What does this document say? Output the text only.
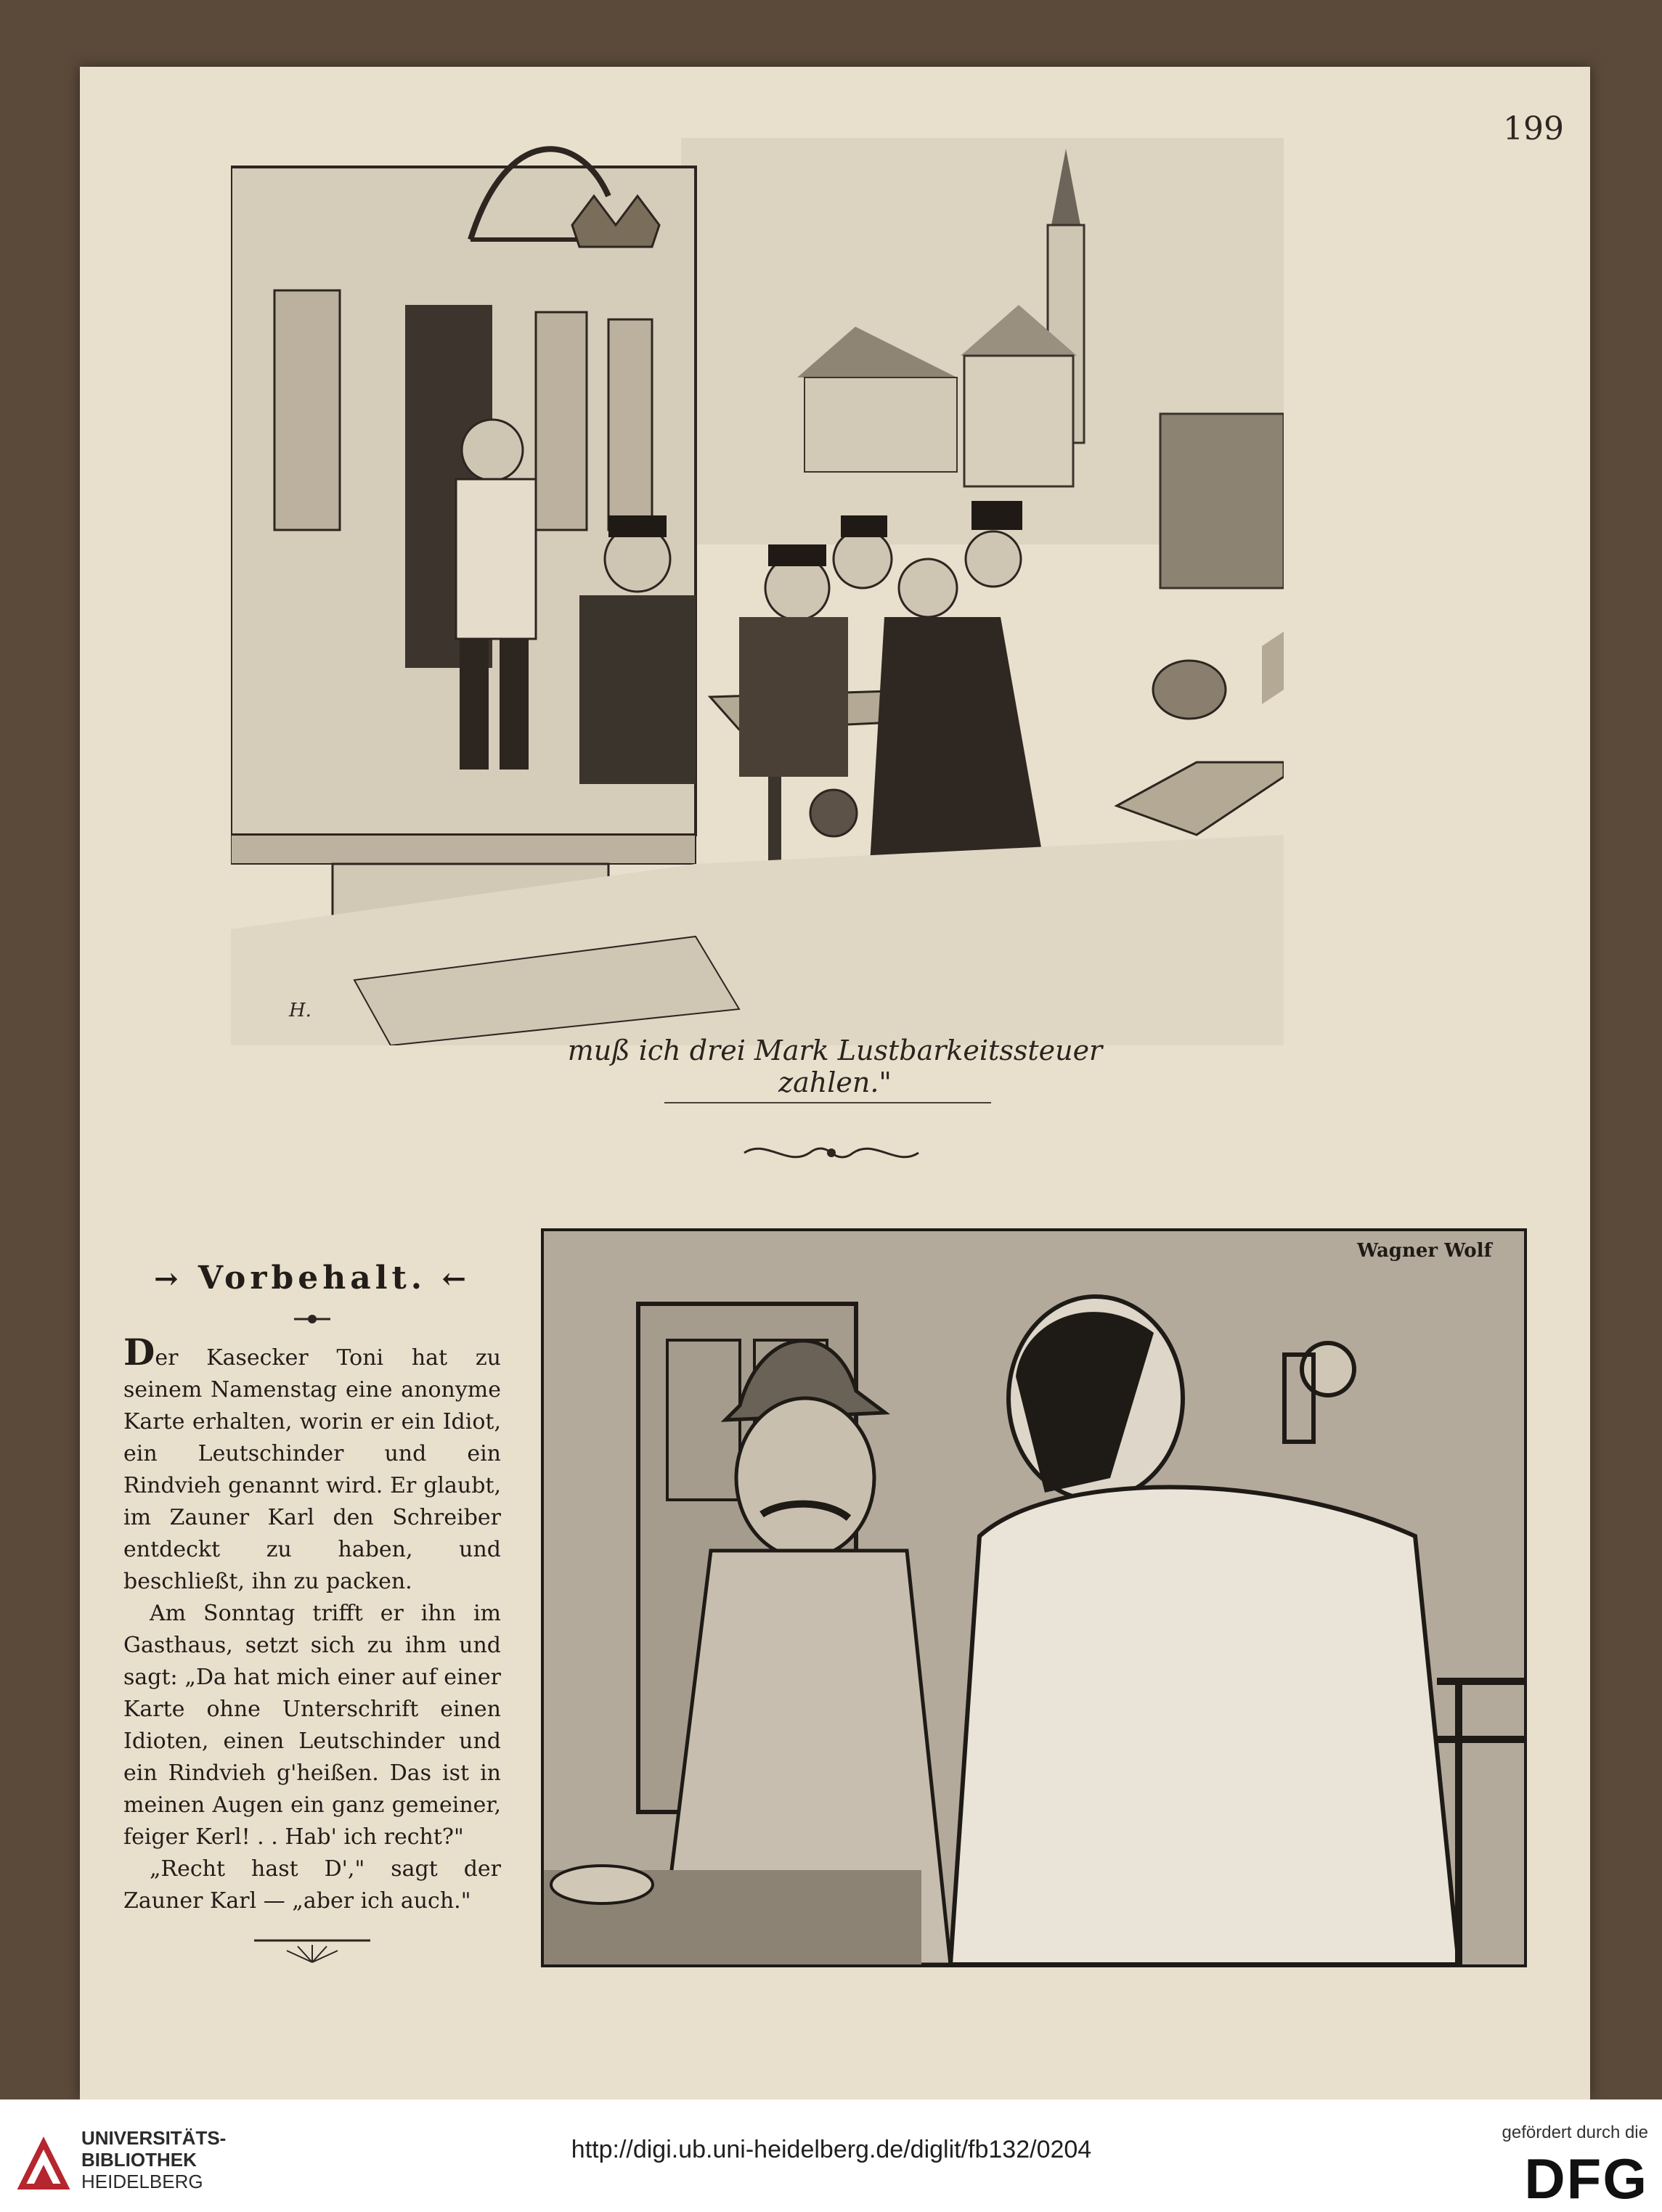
199
H.
muß ich drei Mark Lustbarkeitssteuer zahlen."
→ Vorbehalt. ←

Der Kasecker Toni hat zu seinem Namenstag eine anonyme Karte erhalten, worin er ein Idiot, ein Leutschinder und ein Rindvieh genannt wird. Er glaubt, im Zauner Karl den Schreiber entdeckt zu haben, und beschließt, ihn zu packen.

Am Sonntag trifft er ihn im Gasthaus, setzt sich zu ihm und sagt: „Da hat mich einer auf einer Karte ohne Unterschrift einen Idioten, einen Leutschinder und ein Rindvieh g'heißen. Das ist in meinen Augen ein ganz gemeiner, feiger Kerl! . . Hab' ich recht?"

„Recht hast D'," sagt der Zauner Karl — „aber ich auch."

Wagner Wolf
UNIVERSITÄTS-
BIBLIOTHEK
HEIDELBERG
http://digi.ub.uni-heidelberg.de/diglit/fb132/0204
gefördert durch die
DFG
